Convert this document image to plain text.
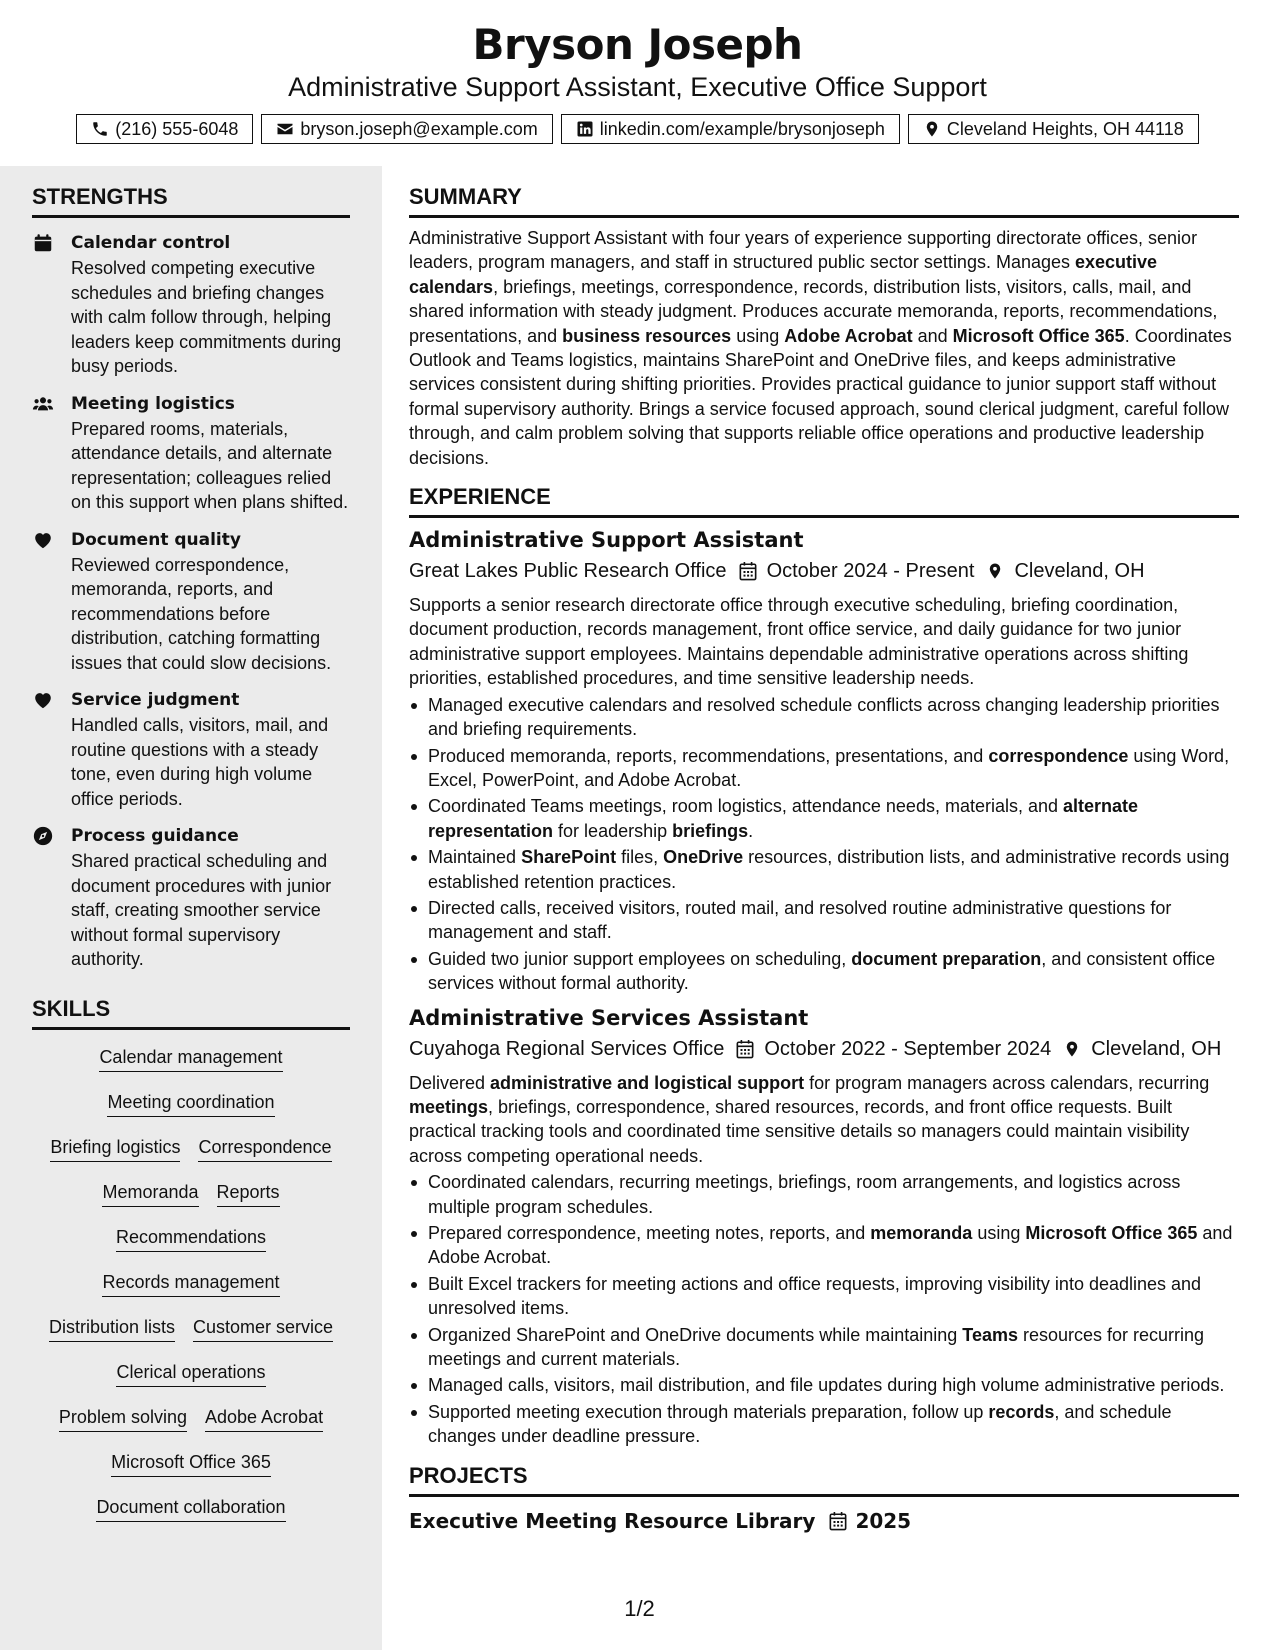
Bryson Joseph
Administrative Support Assistant, Executive Office Support
(216) 555-6048	bryson.joseph@example.com	linkedin.com/example/brysonjoseph	Cleveland Heights, OH 44118
STRENGTHS
Calendar control
Resolved competing executive schedules and briefing changes with calm follow through, helping leaders keep commitments during busy periods.
Meeting logistics
Prepared rooms, materials, attendance details, and alternate representation; colleagues relied on this support when plans shifted.
Document quality
Reviewed correspondence, memoranda, reports, and recommendations before distribution, catching formatting issues that could slow decisions.
Service judgment
Handled calls, visitors, mail, and routine questions with a steady tone, even during high volume office periods.
Process guidance
Shared practical scheduling and document procedures with junior staff, creating smoother service without formal supervisory authority.
SKILLS
Calendar management
Meeting coordination
Briefing logistics Correspondence
Memoranda Reports
Recommendations
Records management
Distribution lists Customer service
Clerical operations
Problem solving Adobe Acrobat
Microsoft Office 365
Document collaboration
SUMMARY

Administrative Support Assistant with four years of experience supporting directorate offices, senior leaders, program managers, and staff in structured public sector settings. Manages executive calendars, briefings, meetings, correspondence, records, distribution lists, visitors, calls, mail, and shared information with steady judgment. Produces accurate memoranda, reports, recommendations, presentations, and business resources using Adobe Acrobat and Microsoft Office 365. Coordinates Outlook and Teams logistics, maintains SharePoint and OneDrive files, and keeps administrative services consistent during shifting priorities. Provides practical guidance to junior support staff without formal supervisory authority. Brings a service focused approach, sound clerical judgment, careful follow through, and calm problem solving that supports reliable office operations and productive leadership decisions.

EXPERIENCE
Administrative Support Assistant
Great Lakes Public Research Office October 2024 - Present Cleveland, OH

Supports a senior research directorate office through executive scheduling, briefing coordination, document production, records management, front office service, and daily guidance for two junior administrative support employees. Maintains dependable administrative operations across shifting priorities, established procedures, and time sensitive leadership needs.

Managed executive calendars and resolved schedule conflicts across changing leadership priorities and briefing requirements.
Produced memoranda, reports, recommendations, presentations, and correspondence using Word, Excel, PowerPoint, and Adobe Acrobat.
Coordinated Teams meetings, room logistics, attendance needs, materials, and alternate representation for leadership briefings.
Maintained SharePoint files, OneDrive resources, distribution lists, and administrative records using established retention practices.
Directed calls, received visitors, routed mail, and resolved routine administrative questions for management and staff.
Guided two junior support employees on scheduling, document preparation, and consistent office services without formal authority.
Administrative Services Assistant
Cuyahoga Regional Services Office October 2022 - September 2024 Cleveland, OH

Delivered administrative and logistical support for program managers across calendars, recurring meetings, briefings, correspondence, shared resources, records, and front office requests. Built practical tracking tools and coordinated time sensitive details so managers could maintain visibility across competing operational needs.

Coordinated calendars, recurring meetings, briefings, room arrangements, and logistics across multiple program schedules.
Prepared correspondence, meeting notes, reports, and memoranda using Microsoft Office 365 and Adobe Acrobat.
Built Excel trackers for meeting actions and office requests, improving visibility into deadlines and unresolved items.
Organized SharePoint and OneDrive documents while maintaining Teams resources for recurring meetings and current materials.
Managed calls, visitors, mail distribution, and file updates during high volume administrative periods.
Supported meeting execution through materials preparation, follow up records, and schedule changes under deadline pressure.
PROJECTS
Executive Meeting Resource Library 2025
1/2
